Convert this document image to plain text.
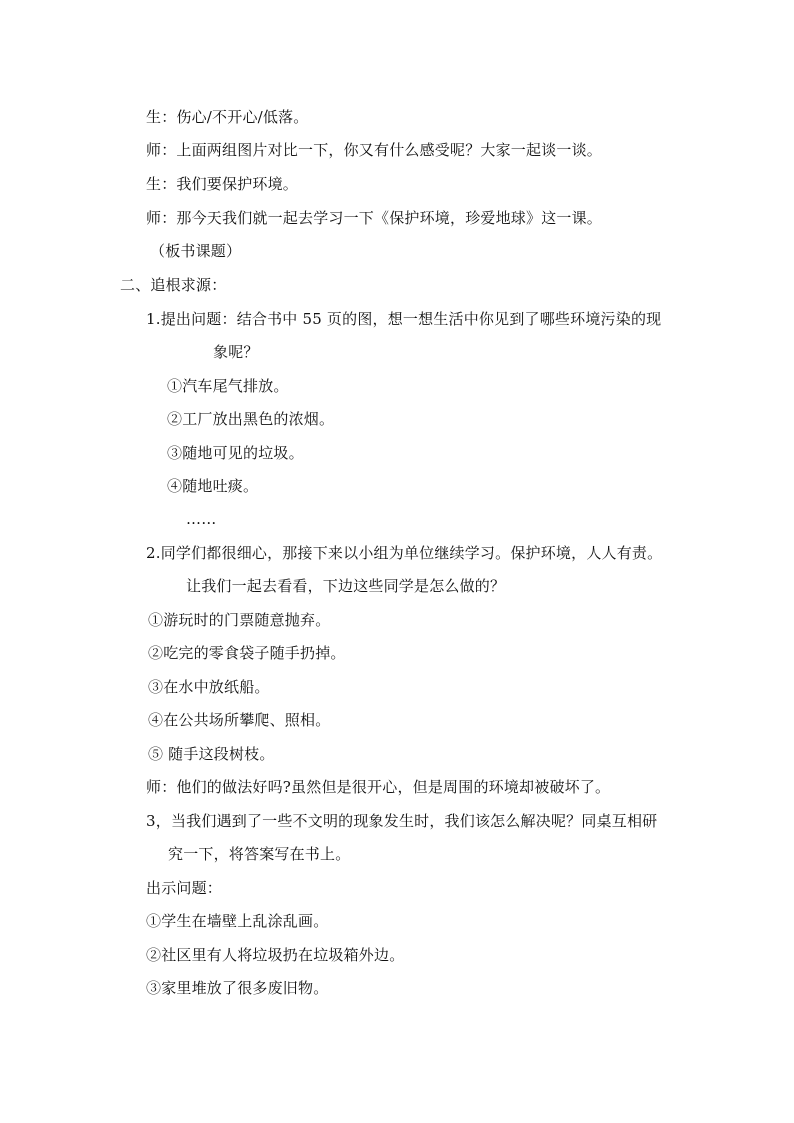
生：伤心/不开心/低落。
师：上面两组图片对比一下，你又有什么感受呢？大家一起谈一谈。
生：我们要保护环境。
师：那今天我们就一起去学习一下《保护环境，珍爱地球》这一课。
（板书课题）
二、追根求源：
1.提出问题：结合书中 55 页的图，想一想生活中你见到了哪些环境污染的现
象呢？
①汽车尾气排放。
②工厂放出黑色的浓烟。
③随地可见的垃圾。
④随地吐痰。
……
2.同学们都很细心，那接下来以小组为单位继续学习。保护环境，人人有责。
让我们一起去看看，下边这些同学是怎么做的？
①游玩时的门票随意抛弃。
②吃完的零食袋子随手扔掉。
③在水中放纸船。
④在公共场所攀爬、照相。
⑤ 随手这段树枝。
师：他们的做法好吗?虽然但是很开心，但是周围的环境却被破坏了。
3，当我们遇到了一些不文明的现象发生时，我们该怎么解决呢？同桌互相研
究一下，将答案写在书上。
出示问题：
①学生在墙壁上乱涂乱画。
②社区里有人将垃圾扔在垃圾箱外边。
③家里堆放了很多废旧物。
